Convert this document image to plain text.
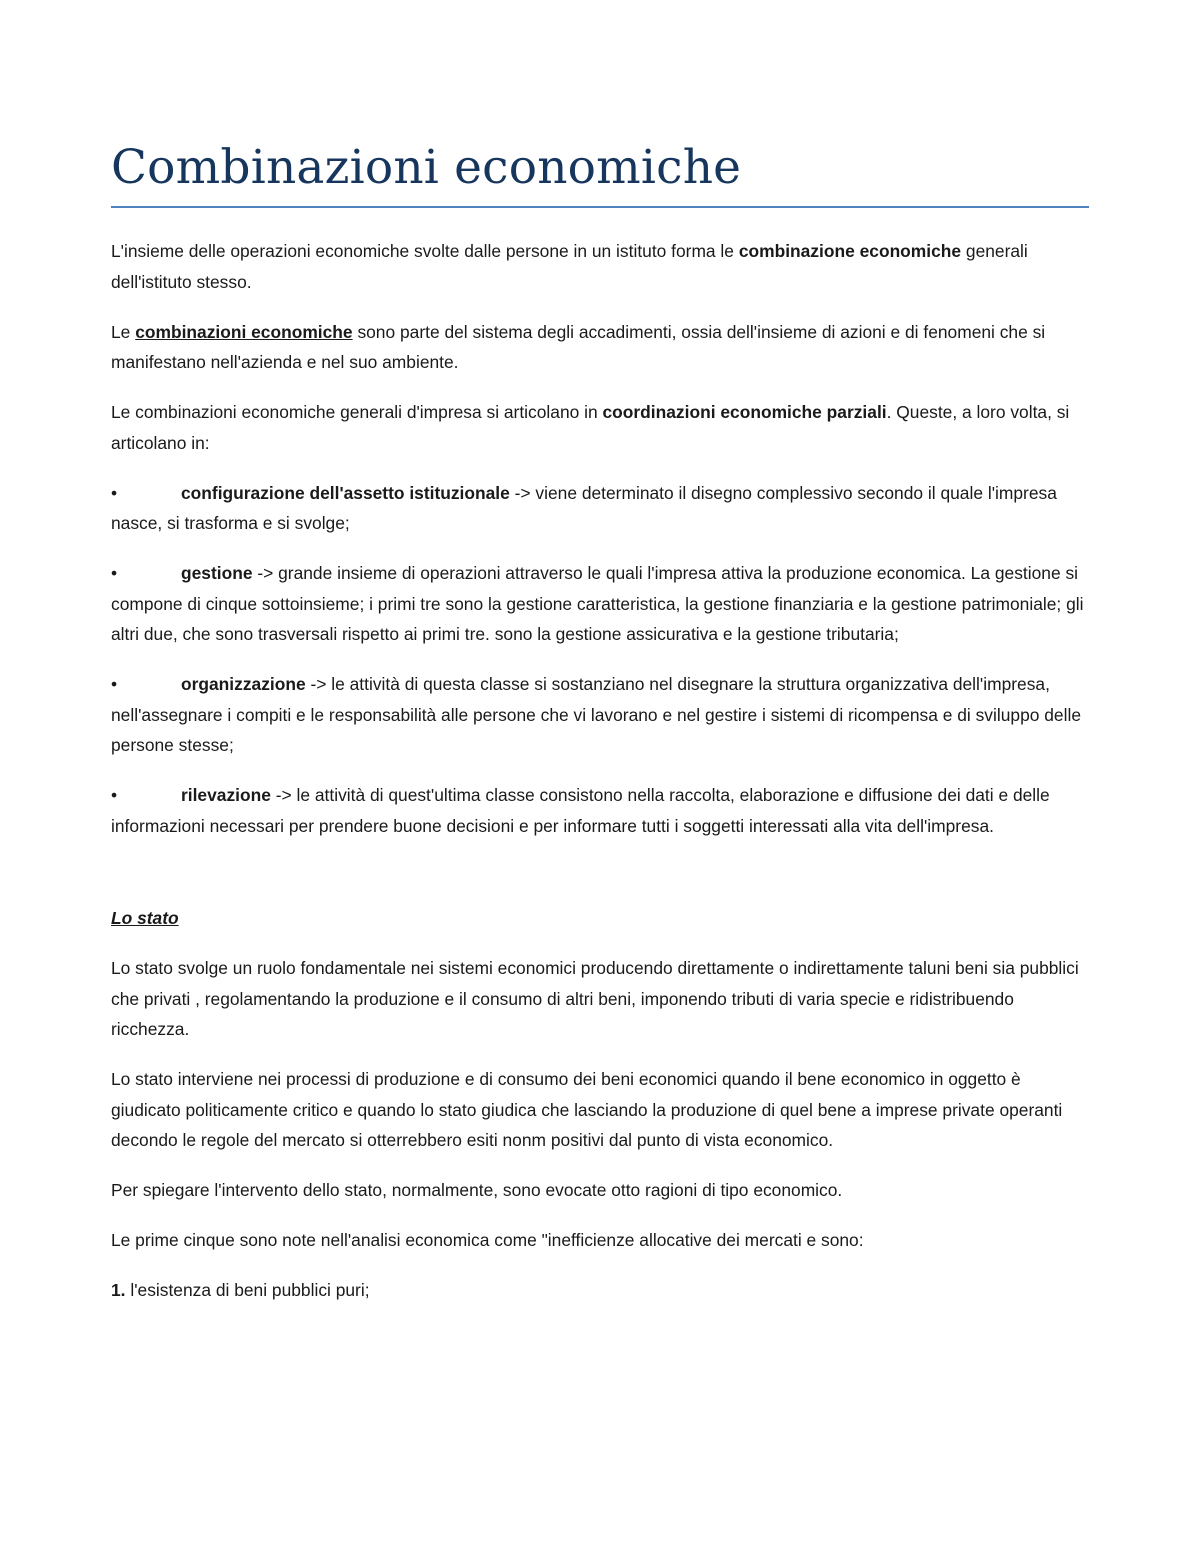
Combinazioni economiche

L'insieme delle operazioni economiche svolte dalle persone in un istituto forma le combinazione economiche generali dell'istituto stesso.

Le combinazioni economiche sono parte del sistema degli accadimenti, ossia dell'insieme di azioni e di fenomeni che si manifestano nell'azienda e nel suo ambiente.

Le combinazioni economiche generali d'impresa si articolano in coordinazioni economiche parziali. Queste, a loro volta, si articolano in:

•	configurazione dell'assetto istituzionale -> viene determinato il disegno complessivo secondo il quale l'impresa nasce, si trasforma e si svolge;

•	gestione -> grande insieme di operazioni attraverso le quali l'impresa attiva la produzione economica. La gestione si compone di cinque sottoinsieme; i primi tre sono la gestione caratteristica, la gestione finanziaria e la gestione patrimoniale; gli altri due, che sono trasversali rispetto ai primi tre. sono la gestione assicurativa e la gestione tributaria;

•	organizzazione -> le attività di questa classe si sostanziano nel disegnare la struttura organizzativa dell'impresa, nell'assegnare i compiti e le responsabilità alle persone che vi lavorano e nel gestire i sistemi di ricompensa e di sviluppo delle persone stesse;

•	rilevazione -> le attività di quest'ultima classe consistono nella raccolta, elaborazione e diffusione dei dati e delle informazioni necessari per prendere buone decisioni e per informare tutti i soggetti interessati alla vita dell'impresa.

Lo stato

Lo stato svolge un ruolo fondamentale nei sistemi economici producendo direttamente o indirettamente taluni beni sia pubblici che privati , regolamentando la produzione e il consumo di altri beni, imponendo tributi di varia specie e ridistribuendo ricchezza.

Lo stato interviene nei processi di produzione e di consumo dei beni economici quando il bene economico in oggetto è giudicato politicamente critico e quando lo stato giudica che lasciando la produzione di quel bene a imprese private operanti decondo le regole del mercato si otterrebbero esiti nonm positivi dal punto di vista economico.

Per spiegare l'intervento dello stato, normalmente, sono evocate otto ragioni di tipo economico.

Le prime cinque sono note nell'analisi economica come "inefficienze allocative dei mercati e sono:

1. l'esistenza di beni pubblici puri;
